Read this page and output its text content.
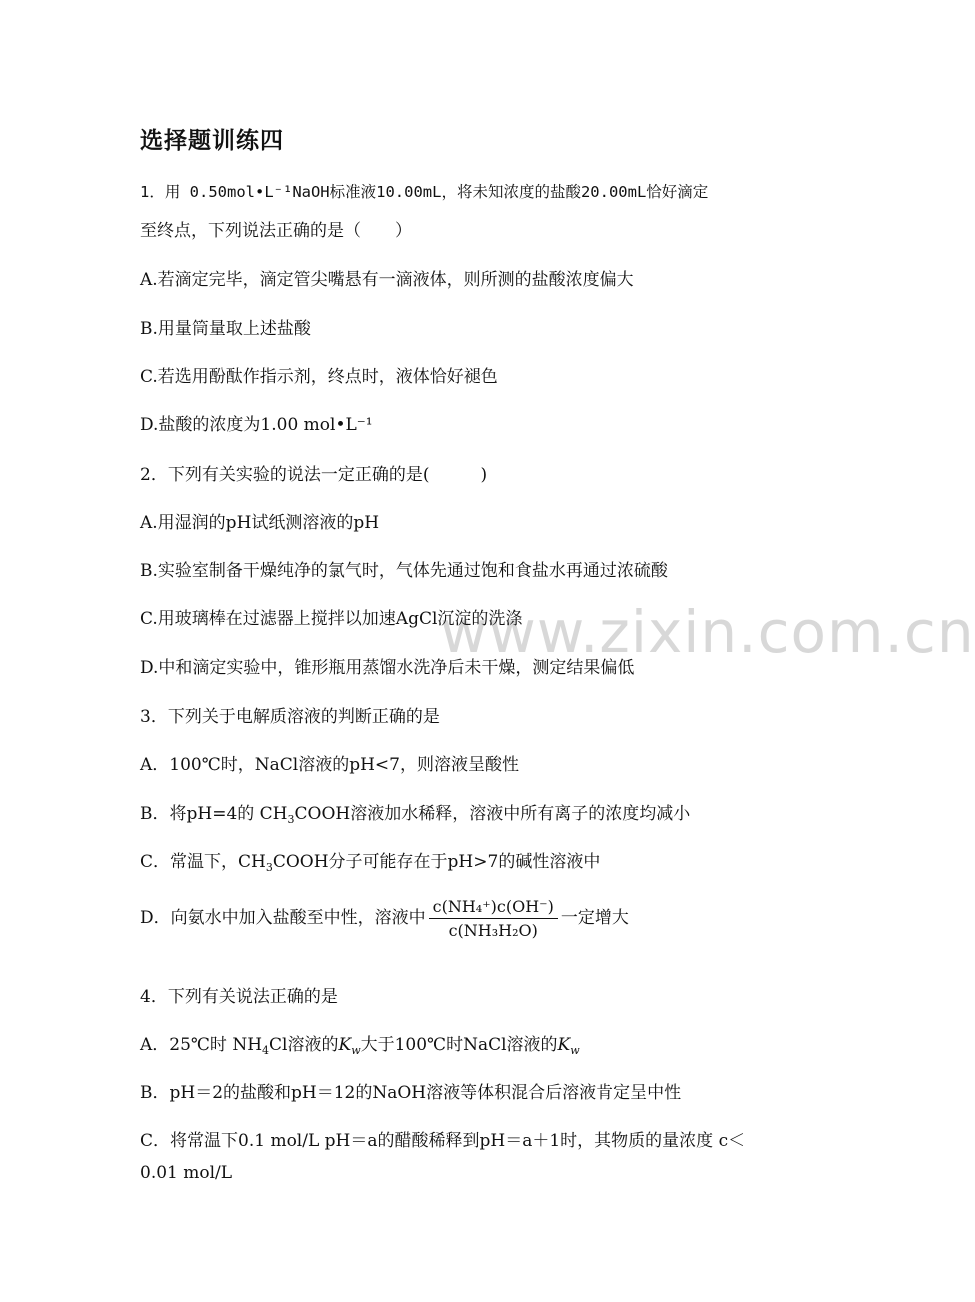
www.zixin.com.cn
选择题训练四
1．用 0.50mol•L⁻¹NaOH标准液10.00mL，将未知浓度的盐酸20.00mL恰好滴定
至终点，下列说法正确的是（　　）
A.若滴定完毕，滴定管尖嘴悬有一滴液体，则所测的盐酸浓度偏大
B.用量筒量取上述盐酸
C.若选用酚酞作指示剂，终点时，液体恰好褪色
D.盐酸的浓度为1.00 mol•L⁻¹
2．下列有关实验的说法一定正确的是(　　　)
A.用湿润的pH试纸测溶液的pH
B.实验室制备干燥纯净的氯气时，气体先通过饱和食盐水再通过浓硫酸
C.用玻璃棒在过滤器上搅拌以加速AgCl沉淀的洗涤
D.中和滴定实验中，锥形瓶用蒸馏水洗净后未干燥，测定结果偏低
3．下列关于电解质溶液的判断正确的是
A．100℃时，NaCl溶液的pH<7，则溶液呈酸性
B．将pH=4的 $CH_3COOH$溶液加水稀释，溶液中所有离子的浓度均减小
C．常温下，$CH_3COOH$分子可能存在于pH>7的碱性溶液中
D．向氨水中加入盐酸至中性，溶液中 $\frac{\text{c(NH₄⁺)c(OH⁻)}}{\text{c(NH₃H₂O)}}$ 一定增大
4．下列有关说法正确的是
A．25℃时 $NH_4Cl$溶液的$K_w$大于100℃时NaCl溶液的$K_w$
B．pH＝2的盐酸和pH＝12的NaOH溶液等体积混合后溶液肯定呈中性
C．将常温下0.1 mol/L pH＝a的醋酸稀释到pH＝a＋1时，其物质的量浓度 c＜
0.01 mol/L
